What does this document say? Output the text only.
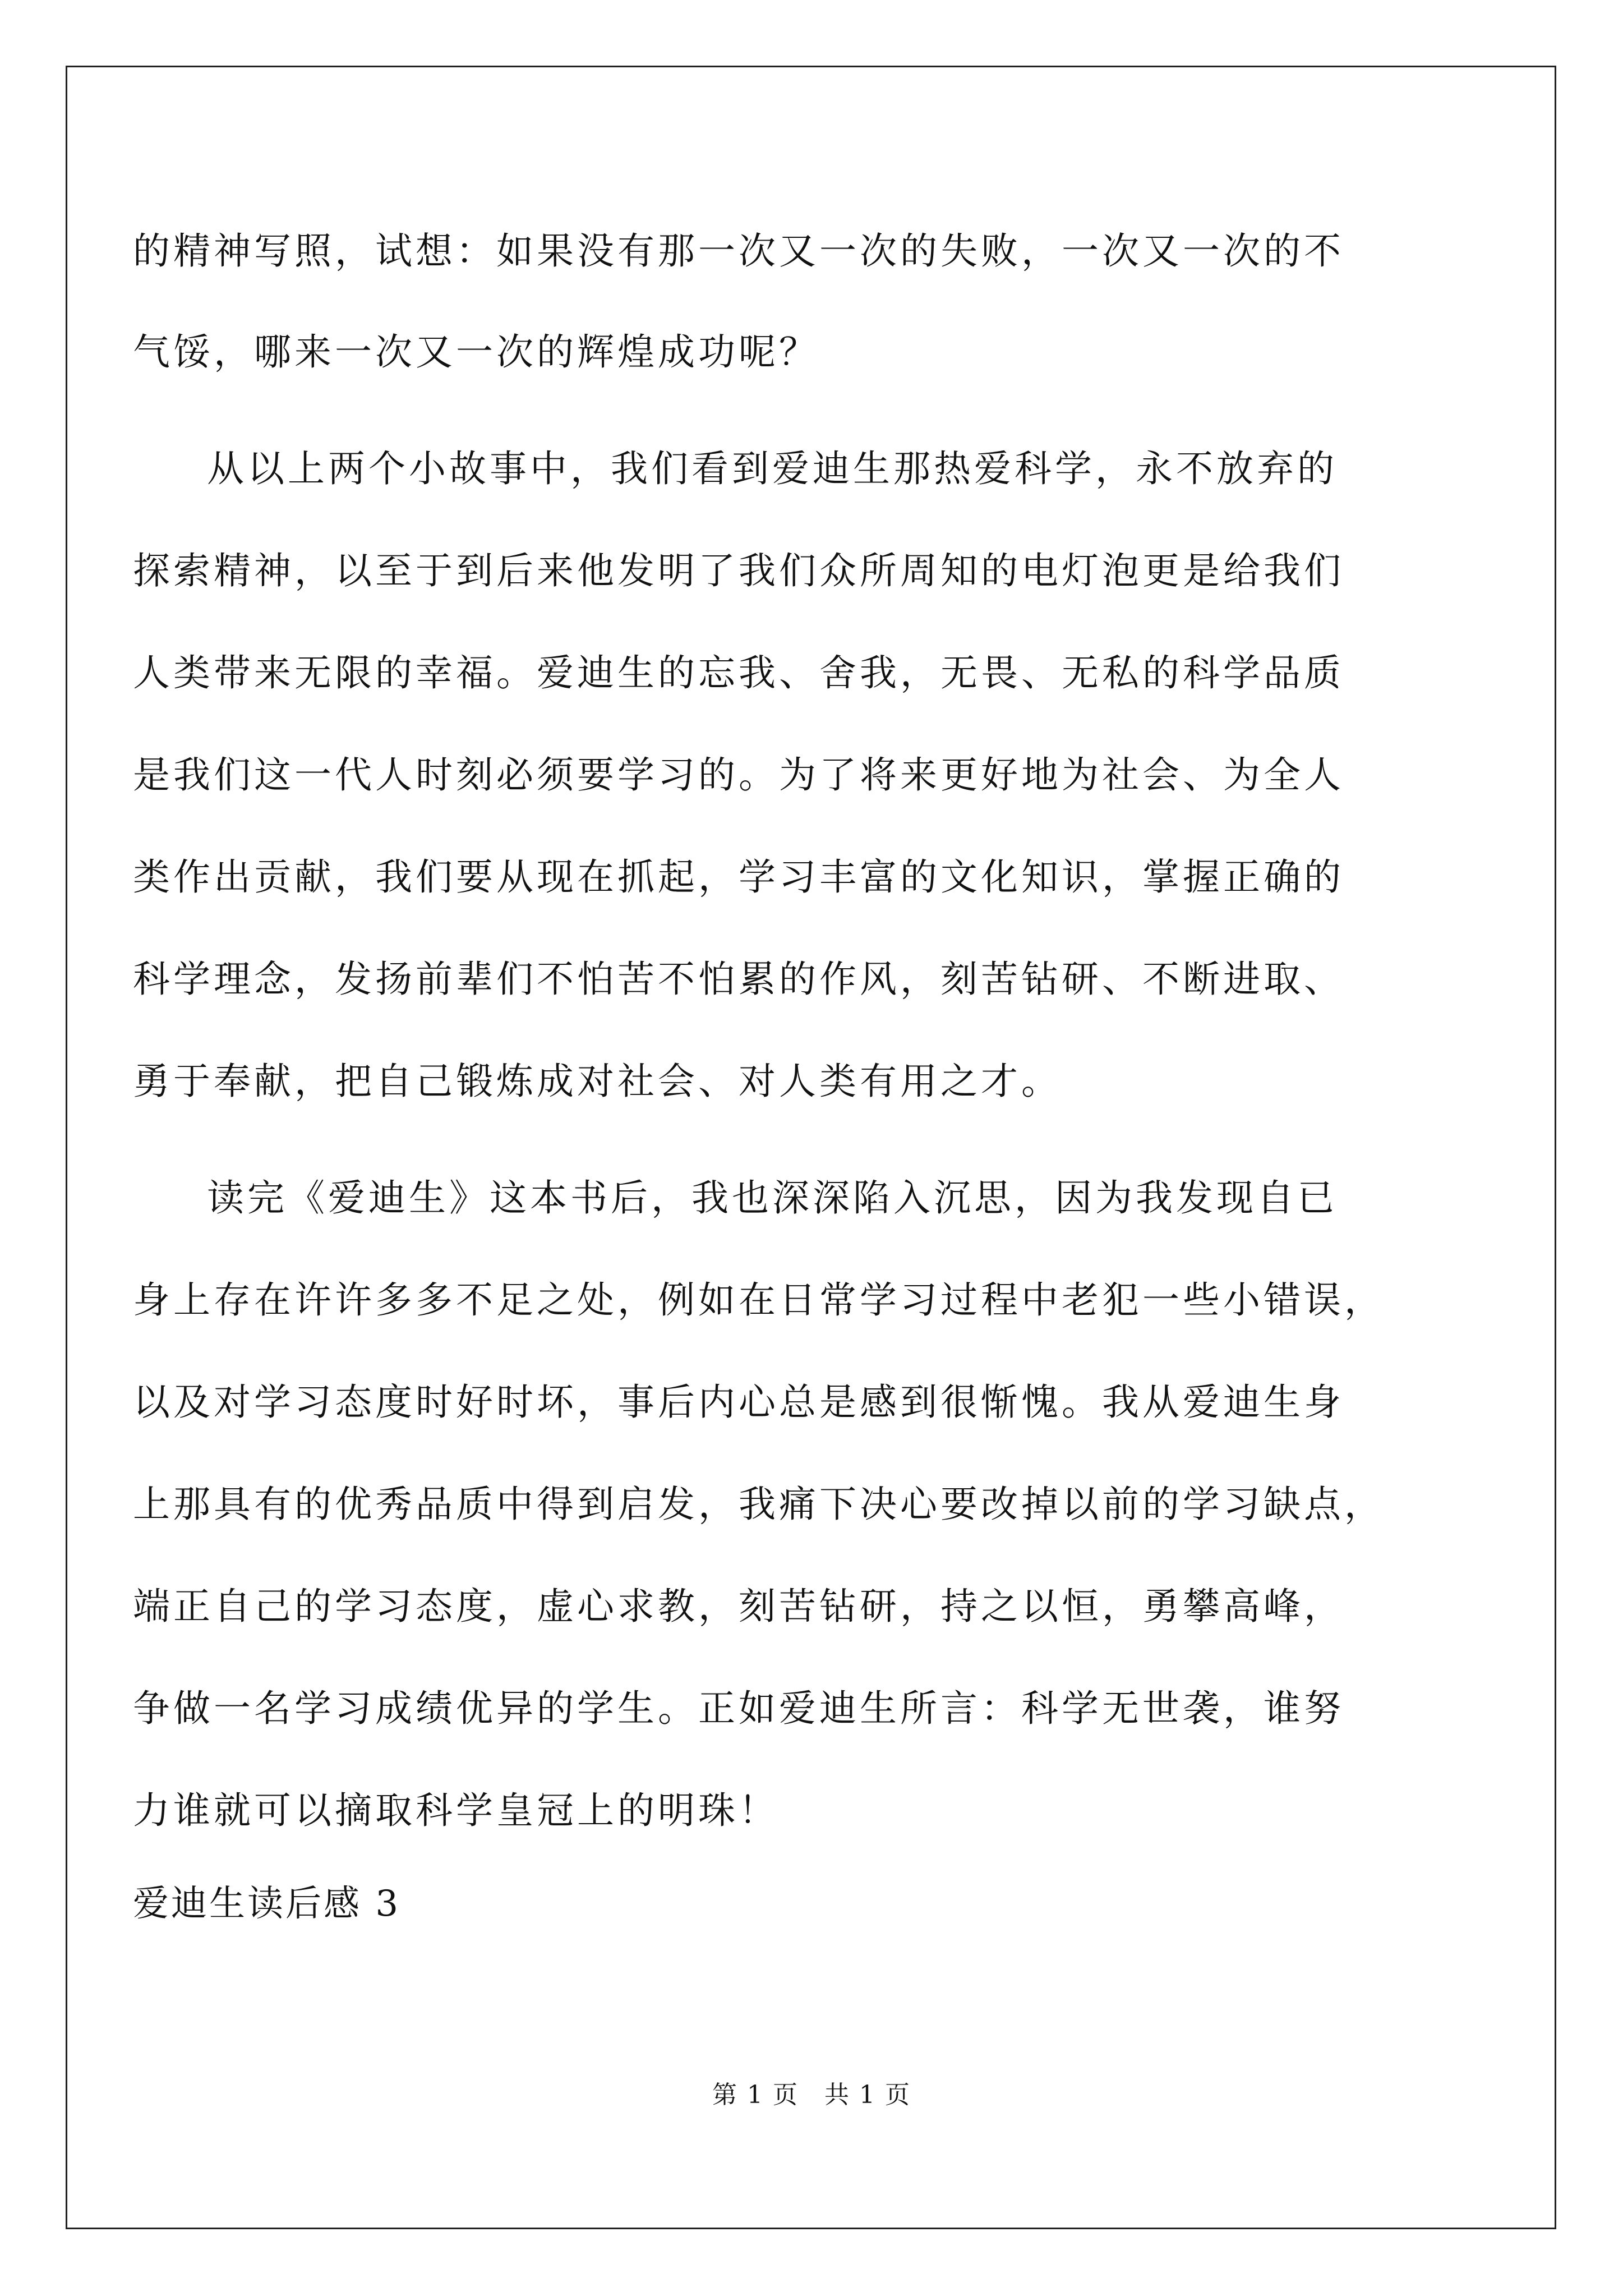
的精神写照，试想：如果没有那一次又一次的失败，一次又一次的不
气馁，哪来一次又一次的辉煌成功呢？
从以上两个小故事中，我们看到爱迪生那热爱科学，永不放弃的
探索精神，以至于到后来他发明了我们众所周知的电灯泡更是给我们
人类带来无限的幸福。爱迪生的忘我、舍我，无畏、无私的科学品质
是我们这一代人时刻必须要学习的。为了将来更好地为社会、为全人
类作出贡献，我们要从现在抓起，学习丰富的文化知识，掌握正确的
科学理念，发扬前辈们不怕苦不怕累的作风，刻苦钻研、不断进取、
勇于奉献，把自己锻炼成对社会、对人类有用之才。
读完《爱迪生》这本书后，我也深深陷入沉思，因为我发现自已
身上存在许许多多不足之处，例如在日常学习过程中老犯一些小错误，
以及对学习态度时好时坏，事后内心总是感到很惭愧。我从爱迪生身
上那具有的优秀品质中得到启发，我痛下决心要改掉以前的学习缺点，
端正自己的学习态度，虚心求教，刻苦钻研，持之以恒，勇攀高峰，
争做一名学习成绩优异的学生。正如爱迪生所言：科学无世袭，谁努
力谁就可以摘取科学皇冠上的明珠！
爱迪生读后感 3
第 1 页　共 1 页
